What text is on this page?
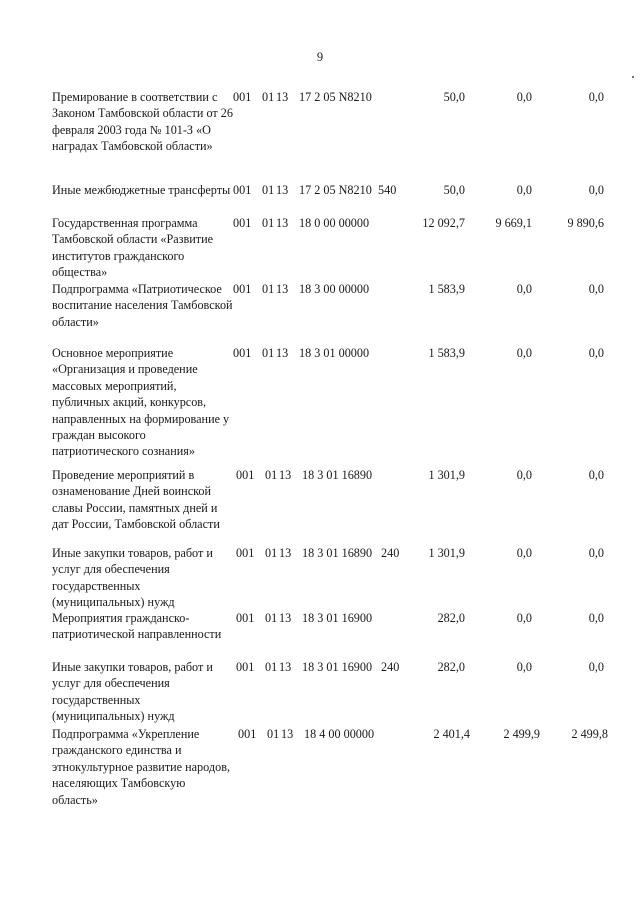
9
Премирование в соответствии с Законом Тамбовской области от 26 февраля 2003 года № 101-З «О наградах Тамбовской области»
001 01 13 17 2 05 N8210	50,0	0,0	0,0
Иные межбюджетные трансферты 001 01 13 17 2 05 N8210 540	50,0	0,0	0,0
Государственная программа Тамбовской области «Развитие институтов гражданского общества»
001 01 13 18 0 00 00000	12 092,7	9 669,1	9 890,6
Подпрограмма «Патриотическое воспитание населения Тамбовской области»
001 01 13 18 3 00 00000	1 583,9	0,0	0,0
Основное мероприятие «Организация и проведение массовых мероприятий, публичных акций, конкурсов, направленных на формирование у граждан высокого патриотического сознания»
001 01 13 18 3 01 00000	1 583,9	0,0	0,0
Проведение мероприятий в ознаменование Дней воинской славы России, памятных дней и дат России, Тамбовской области
001 01 13 18 3 01 16890	1 301,9	0,0	0,0
Иные закупки товаров, работ и услуг для обеспечения государственных (муниципальных) нужд
001 01 13 18 3 01 16890 240	1 301,9	0,0	0,0
Мероприятия гражданско-патриотической направленности
001 01 13 18 3 01 16900	282,0	0,0	0,0
Иные закупки товаров, работ и услуг для обеспечения государственных (муниципальных) нужд
001 01 13 18 3 01 16900 240	282,0	0,0	0,0
Подпрограмма «Укрепление гражданского единства и этнокультурное развитие народов, населяющих Тамбовскую область»
001 01 13 18 4 00 00000	2 401,4	2 499,9	2 499,8
